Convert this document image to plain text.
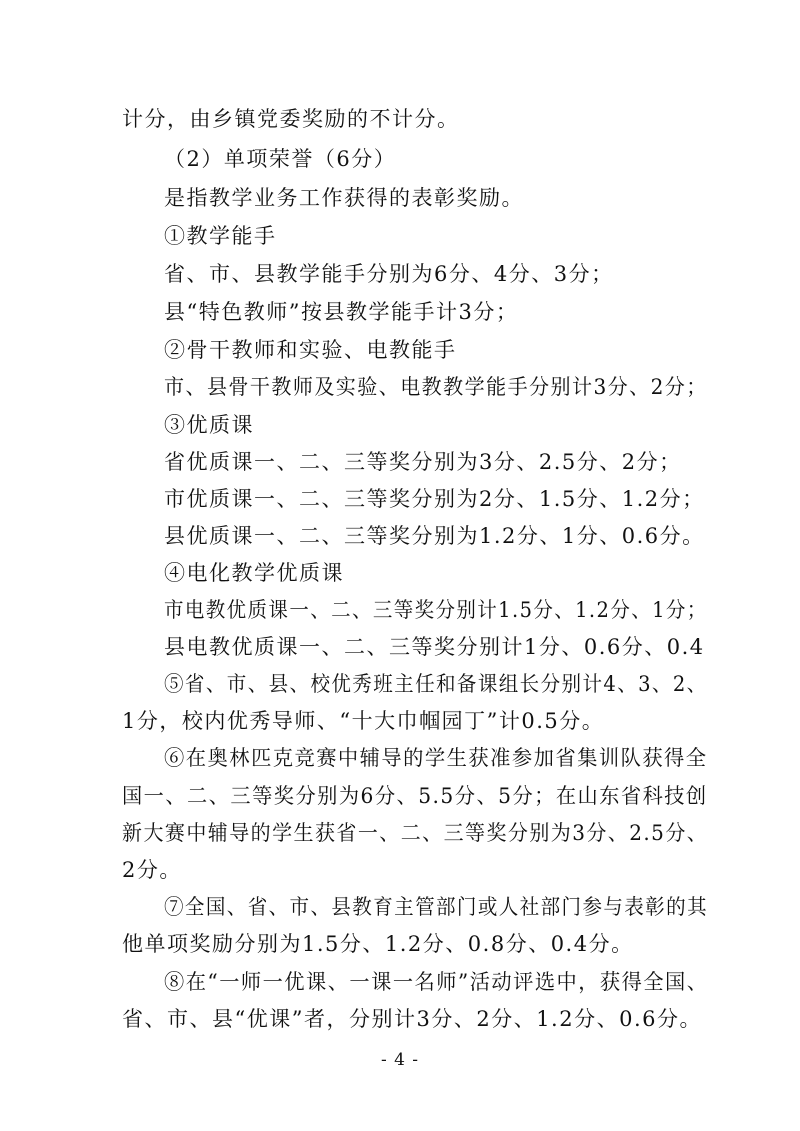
计分，由乡镇党委奖励的不计分。
（2）单项荣誉（6分）
是指教学业务工作获得的表彰奖励。
①教学能手
省、市、县教学能手分别为6分、4分、3分；
县“特色教师”按县教学能手计3分；
②骨干教师和实验、电教能手
市、县骨干教师及实验、电教教学能手分别计3分、2分；
③优质课
省优质课一、二、三等奖分别为3分、2.5分、2分；
市优质课一、二、三等奖分别为2分、1.5分、1.2分；
县优质课一、二、三等奖分别为1.2分、1分、0.6分。
④电化教学优质课
市电教优质课一、二、三等奖分别计1.5分、1.2分、1分；
县电教优质课一、二、三等奖分别计1分、0.6分、0.4
⑤省、市、县、校优秀班主任和备课组长分别计4、3、2、
1分，校内优秀导师、“十大巾帼园丁”计0.5分。
⑥在奥林匹克竞赛中辅导的学生获准参加省集训队获得全
国一、二、三等奖分别为6分、5.5分、5分；在山东省科技创
新大赛中辅导的学生获省一、二、三等奖分别为3分、2.5分、
2分。
⑦全国、省、市、县教育主管部门或人社部门参与表彰的其
他单项奖励分别为1.5分、1.2分、0.8分、0.4分。
⑧在“一师一优课、一课一名师”活动评选中，获得全国、
省、市、县“优课”者，分别计3分、2分、1.2分、0.6分。
- 4 -
